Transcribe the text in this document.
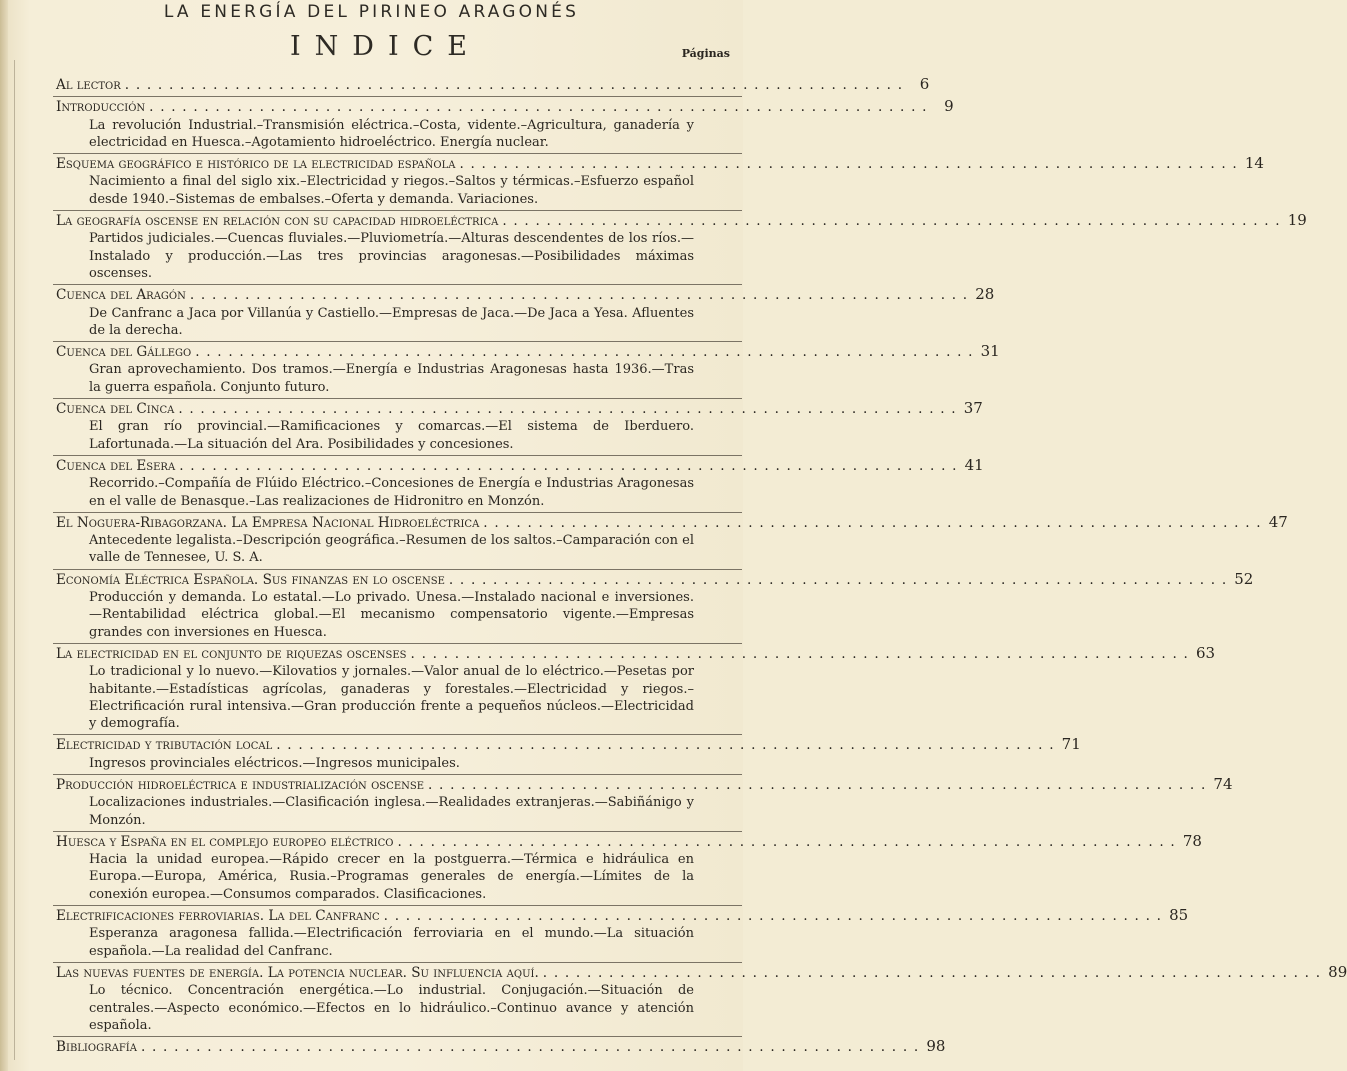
LA ENERGÍA DEL PIRINEO ARAGONÉS
INDICE	Páginas
Al lector . . . . . . . . . . . . . . . . . . . . . . . . . . . . . . . . . . . . . . . . . . . . . . . . . . . . . . . . . . . . . . . . . . . . . . .	6
Introducción . . . . . . . . . . . . . . . . . . . . . . . . . . . . . . . . . . . . . . . . . . . . . . . . . . . . . . . . . . . . . . . . . . . . . . .	9
La revolución Industrial.–Transmisión eléctrica.–Costa, vidente.–Agricultura, ganadería y electricidad en Huesca.–Agotamiento hidroeléctrico. Energía nuclear.
Esquema geográfico e histórico de la electricidad española . . . . . . . . . . . . . . . . . . . . . . . . . . . . . . . . . . . . . . . . . . . . . . . . . . . . . . . . . . . . . . . . . . . . . . . 14
Nacimiento a final del siglo xix.–Electricidad y riegos.–Saltos y térmicas.–Esfuerzo español desde 1940.–Sistemas de embalses.–Oferta y demanda. Variaciones.
La geografía oscense en relación con su capacidad hidroeléctrica . . . . . . . . . . . . . . . . . . . . . . . . . . . . . . . . . . . . . . . . . . . . . . . . . . . . . . . . . . . . . . . . . . . . . . . 19
Partidos judiciales.—Cuencas fluviales.—Pluviometría.—Alturas descendentes de los ríos.—Instalado y producción.—Las tres provincias aragonesas.—Posibilidades máximas oscenses.
Cuenca del Aragón . . . . . . . . . . . . . . . . . . . . . . . . . . . . . . . . . . . . . . . . . . . . . . . . . . . . . . . . . . . . . . . . . . . . . . . 28
De Canfranc a Jaca por Villanúa y Castiello.—Empresas de Jaca.—De Jaca a Yesa. Afluentes de la derecha.
Cuenca del Gállego . . . . . . . . . . . . . . . . . . . . . . . . . . . . . . . . . . . . . . . . . . . . . . . . . . . . . . . . . . . . . . . . . . . . . . . 31
Gran aprovechamiento. Dos tramos.—Energía e Industrias Aragonesas hasta 1936.—Tras la guerra española. Conjunto futuro.
Cuenca del Cinca . . . . . . . . . . . . . . . . . . . . . . . . . . . . . . . . . . . . . . . . . . . . . . . . . . . . . . . . . . . . . . . . . . . . . . . 37
El gran río provincial.—Ramificaciones y comarcas.—El sistema de Iberduero. Lafortunada.—La situación del Ara. Posibilidades y concesiones.
Cuenca del Esera . . . . . . . . . . . . . . . . . . . . . . . . . . . . . . . . . . . . . . . . . . . . . . . . . . . . . . . . . . . . . . . . . . . . . . . 41
Recorrido.–Compañía de Flúido Eléctrico.–Concesiones de Energía e Industrias Aragonesas en el valle de Benasque.–Las realizaciones de Hidronitro en Monzón.
El Noguera-Ribagorzana. La Empresa Nacional Hidroeléctrica . . . . . . . . . . . . . . . . . . . . . . . . . . . . . . . . . . . . . . . . . . . . . . . . . . . . . . . . . . . . . . . . . . . . . . . 47
Antecedente legalista.–Descripción geográfica.–Resumen de los saltos.–Camparación con el valle de Tennesee, U. S. A.
Economía Eléctrica Española. Sus finanzas en lo oscense . . . . . . . . . . . . . . . . . . . . . . . . . . . . . . . . . . . . . . . . . . . . . . . . . . . . . . . . . . . . . . . . . . . . . . . 52
Producción y demanda. Lo estatal.—Lo privado. Unesa.—Instalado nacional e inversiones.—Rentabilidad eléctrica global.—El mecanismo compensatorio vigente.—Empresas grandes con inversiones en Huesca.
La electricidad en el conjunto de riquezas oscenses . . . . . . . . . . . . . . . . . . . . . . . . . . . . . . . . . . . . . . . . . . . . . . . . . . . . . . . . . . . . . . . . . . . . . . . 63
Lo tradicional y lo nuevo.—Kilovatios y jornales.—Valor anual de lo eléctrico.—Pesetas por habitante.—Estadísticas agrícolas, ganaderas y forestales.—Electricidad y riegos.–Electrificación rural intensiva.—Gran producción frente a pequeños núcleos.—Electricidad y demografía.
Electricidad y tributación local . . . . . . . . . . . . . . . . . . . . . . . . . . . . . . . . . . . . . . . . . . . . . . . . . . . . . . . . . . . . . . . . . . . . . . . 71
Ingresos provinciales eléctricos.—Ingresos municipales.
Producción hidroeléctrica e industrialización oscense . . . . . . . . . . . . . . . . . . . . . . . . . . . . . . . . . . . . . . . . . . . . . . . . . . . . . . . . . . . . . . . . . . . . . . . 74
Localizaciones industriales.—Clasificación inglesa.—Realidades extranjeras.—Sabiñánigo y Monzón.
Huesca y España en el complejo europeo eléctrico . . . . . . . . . . . . . . . . . . . . . . . . . . . . . . . . . . . . . . . . . . . . . . . . . . . . . . . . . . . . . . . . . . . . . . . 78
Hacia la unidad europea.—Rápido crecer en la postguerra.—Térmica e hidráulica en Europa.—Europa, América, Rusia.–Programas generales de energía.—Límites de la conexión europea.—Consumos comparados. Clasificaciones.
Electrificaciones ferroviarias. La del Canfranc . . . . . . . . . . . . . . . . . . . . . . . . . . . . . . . . . . . . . . . . . . . . . . . . . . . . . . . . . . . . . . . . . . . . . . . 85
Esperanza aragonesa fallida.—Electrificación ferroviaria en el mundo.—La situación española.—La realidad del Canfranc.
Las nuevas fuentes de energía. La potencia nuclear. Su influencia aquí. . . . . . . . . . . . . . . . . . . . . . . . . . . . . . . . . . . . . . . . . . . . . . . . . . . . . . . . . . . . . . . . . . . . . . . . 89
Lo técnico. Concentración energética.—Lo industrial. Conjugación.—Situación de centrales.—Aspecto económico.—Efectos en lo hidráulico.–Continuo avance y atención española.
Bibliografía . . . . . . . . . . . . . . . . . . . . . . . . . . . . . . . . . . . . . . . . . . . . . . . . . . . . . . . . . . . . . . . . . . . . . . . 98
